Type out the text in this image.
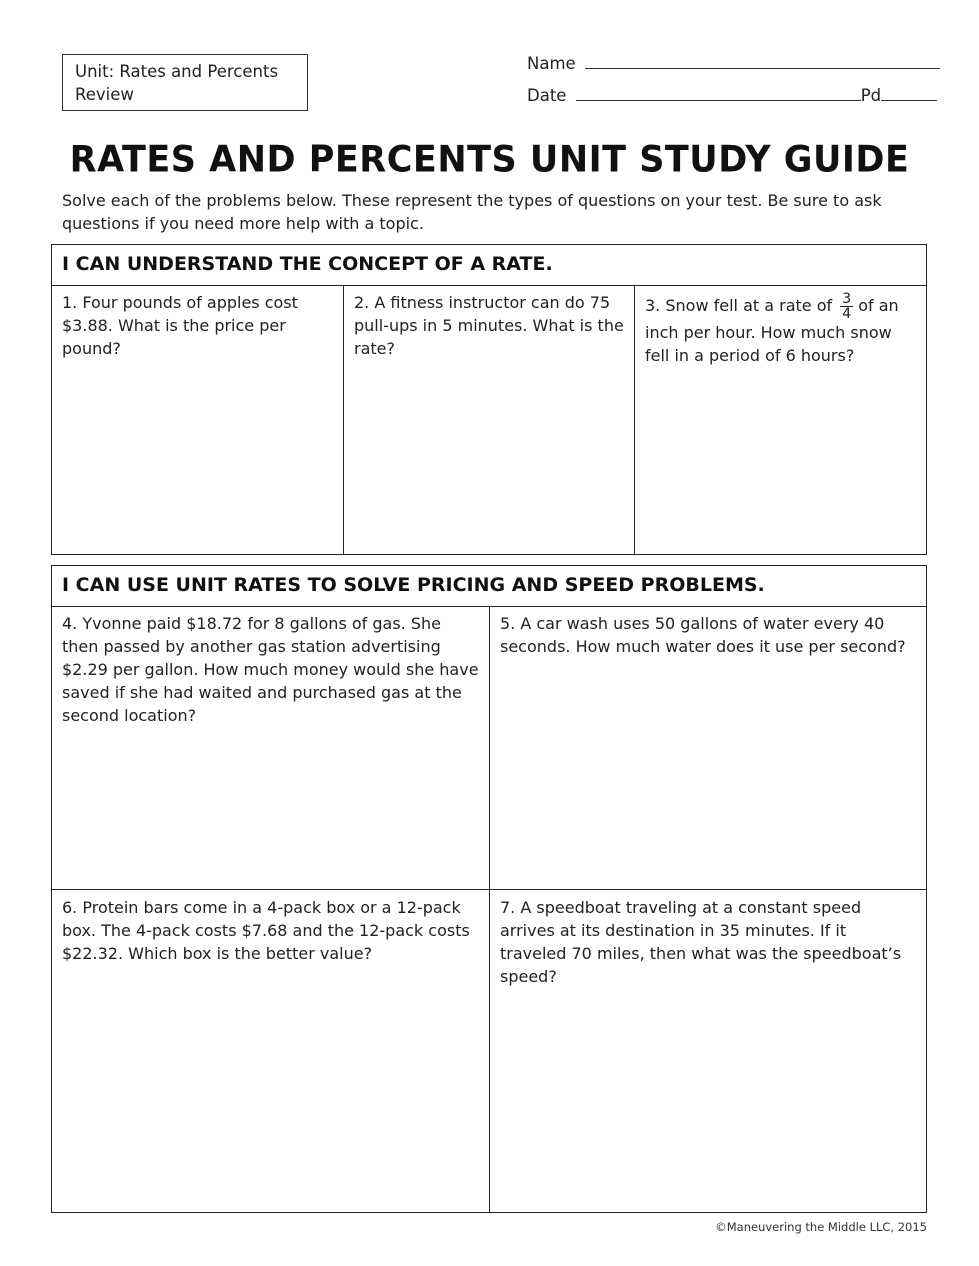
Unit: Rates and Percents
Review
Name
Date	Pd
RATES AND PERCENTS UNIT STUDY GUIDE
Solve each of the problems below. These represent the types of questions on your test. Be sure to ask questions if you need more help with a topic.
I CAN UNDERSTAND THE CONCEPT OF A RATE.
1. Four pounds of apples cost $3.88. What is the price per pound?
2. A fitness instructor can do 75 pull-ups in 5 minutes. What is the rate?
3. Snow fell at a rate of $\frac{3}{4}$ of an inch per hour. How much snow fell in a period of 6 hours?
I CAN USE UNIT RATES TO SOLVE PRICING AND SPEED PROBLEMS.
4. Yvonne paid $18.72 for 8 gallons of gas. She then passed by another gas station advertising $2.29 per gallon. How much money would she have saved if she had waited and purchased gas at the second location?
5. A car wash uses 50 gallons of water every 40 seconds. How much water does it use per second?
6. Protein bars come in a 4-pack box or a 12-pack box. The 4-pack costs $7.68 and the 12-pack costs $22.32. Which box is the better value?
7. A speedboat traveling at a constant speed arrives at its destination in 35 minutes. If it traveled 70 miles, then what was the speedboat’s speed?
©Maneuvering the Middle LLC, 2015
